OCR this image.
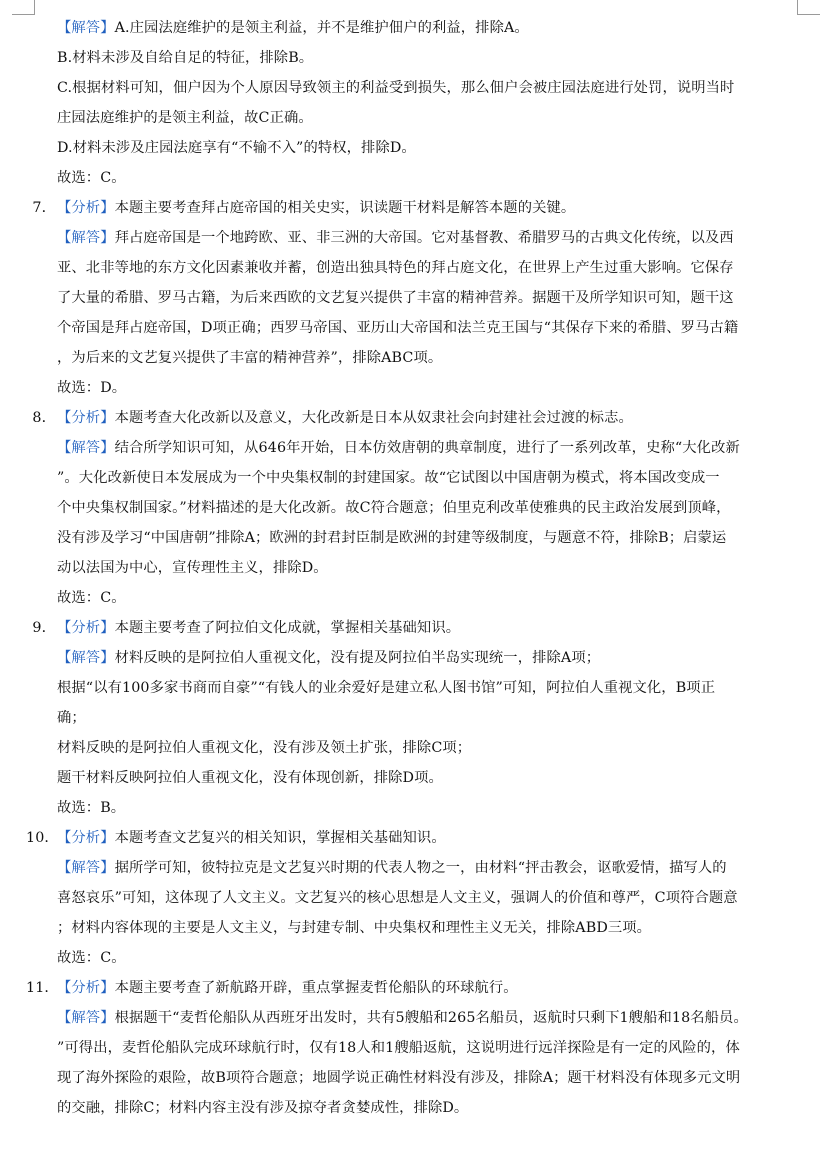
【解答】A.庄园法庭维护的是领主利益，并不是维护佃户的利益，排除A。
B.材料未涉及自给自足的特征，排除B。
C.根据材料可知，佃户因为个人原因导致领主的利益受到损失，那么佃户会被庄园法庭进行处罚，说明当时
庄园法庭维护的是领主利益，故C正确。
D.材料未涉及庄园法庭享有“不输不入”的特权，排除D。
故选：C。
7． 【分析】本题主要考查拜占庭帝国的相关史实，识读题干材料是解答本题的关键。
【解答】拜占庭帝国是一个地跨欧、亚、非三洲的大帝国。它对基督教、希腊罗马的古典文化传统，以及西
亚、北非等地的东方文化因素兼收并蓄，创造出独具特色的拜占庭文化，在世界上产生过重大影响。它保存
了大量的希腊、罗马古籍，为后来西欧的文艺复兴提供了丰富的精神营养。据题干及所学知识可知，题干这
个帝国是拜占庭帝国，D项正确；西罗马帝国、亚历山大帝国和法兰克王国与“其保存下来的希腊、罗马古籍
，为后来的文艺复兴提供了丰富的精神营养”，排除ABC项。
故选：D。
8． 【分析】本题考查大化改新以及意义，大化改新是日本从奴隶社会向封建社会过渡的标志。
【解答】结合所学知识可知，从646年开始，日本仿效唐朝的典章制度，进行了一系列改革，史称“大化改新
”。大化改新使日本发展成为一个中央集权制的封建国家。故“它试图以中国唐朝为模式，将本国改变成一
个中央集权制国家。”材料描述的是大化改新。故C符合题意；伯里克利改革使雅典的民主政治发展到顶峰，
没有涉及学习“中国唐朝”排除A；欧洲的封君封臣制是欧洲的封建等级制度，与题意不符，排除B；启蒙运
动以法国为中心，宣传理性主义，排除D。
故选：C。
9． 【分析】本题主要考查了阿拉伯文化成就，掌握相关基础知识。
【解答】材料反映的是阿拉伯人重视文化，没有提及阿拉伯半岛实现统一，排除A项；
根据“以有100多家书商而自豪”“有钱人的业余爱好是建立私人图书馆”可知，阿拉伯人重视文化，B项正
确；
材料反映的是阿拉伯人重视文化，没有涉及领土扩张，排除C项；
题干材料反映阿拉伯人重视文化，没有体现创新，排除D项。
故选：B。
10．
【分析】本题考查文艺复兴的相关知识，掌握相关基础知识。
【解答】据所学可知，彼特拉克是文艺复兴时期的代表人物之一，由材料“抨击教会，讴歌爱情，描写人的
喜怒哀乐”可知，这体现了人文主义。文艺复兴的核心思想是人文主义，强调人的价值和尊严，C项符合题意
；材料内容体现的主要是人文主义，与封建专制、中央集权和理性主义无关，排除ABD三项。
故选：C。
11．
【分析】本题主要考查了新航路开辟，重点掌握麦哲伦船队的环球航行。
【解答】根据题干“麦哲伦船队从西班牙出发时，共有5艘船和265名船员，返航时只剩下1艘船和18名船员。
”可得出，麦哲伦船队完成环球航行时，仅有18人和1艘船返航，这说明进行远洋探险是有一定的风险的，体
现了海外探险的艰险，故B项符合题意；地圆学说正确性材料没有涉及，排除A；题干材料没有体现多元文明
的交融，排除C；材料内容主没有涉及掠夺者贪婪成性，排除D。
